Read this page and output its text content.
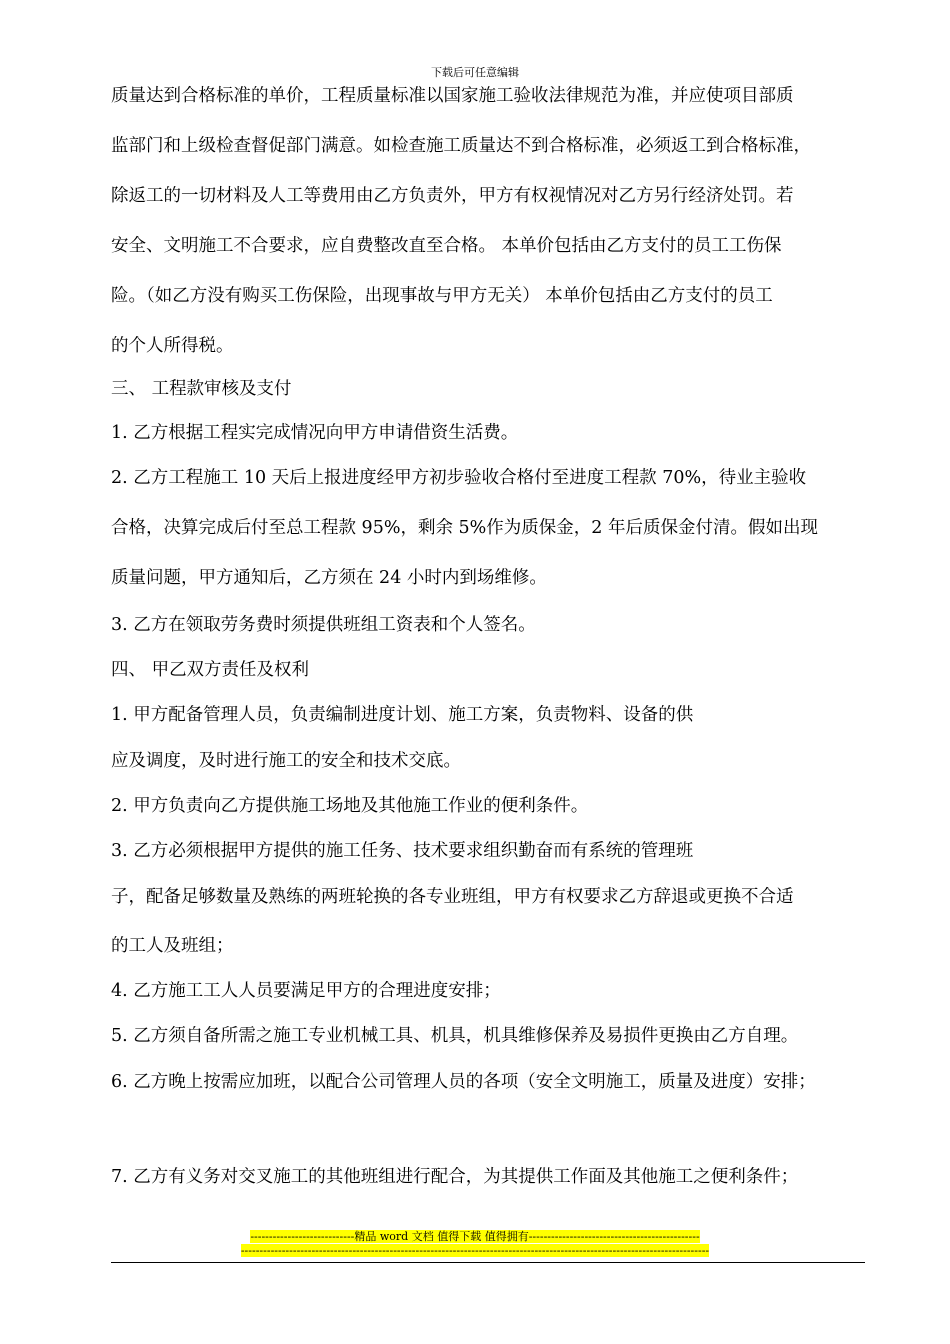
下载后可任意编辑
质量达到合格标准的单价，工程质量标准以国家施工验收法律规范为准，并应使项目部质
监部门和上级检查督促部门满意。如检查施工质量达不到合格标准，必须返工到合格标准，
除返工的一切材料及人工等费用由乙方负责外，甲方有权视情况对乙方另行经济处罚。若
安全、文明施工不合要求，应自费整改直至合格。 本单价包括由乙方支付的员工工伤保
险。（如乙方没有购买工伤保险，出现事故与甲方无关） 本单价包括由乙方支付的员工
的个人所得税。
三、 工程款审核及支付
1. 乙方根据工程实完成情况向甲方申请借资生活费。
2. 乙方工程施工 10 天后上报进度经甲方初步验收合格付至进度工程款 70%，待业主验收
合格，决算完成后付至总工程款 95%，剩余 5%作为质保金，2 年后质保金付清。假如出现
质量问题，甲方通知后，乙方须在 24 小时内到场维修。
3. 乙方在领取劳务费时须提供班组工资表和个人签名。
四、 甲乙双方责任及权利
1. 甲方配备管理人员，负责编制进度计划、施工方案，负责物料、设备的供
应及调度，及时进行施工的安全和技术交底。
2. 甲方负责向乙方提供施工场地及其他施工作业的便利条件。
3. 乙方必须根据甲方提供的施工任务、技术要求组织勤奋而有系统的管理班
子，配备足够数量及熟练的两班轮换的各专业班组，甲方有权要求乙方辞退或更换不合适
的工人及班组；
4. 乙方施工工人人员要满足甲方的合理进度安排；
5. 乙方须自备所需之施工专业机械工具、机具，机具维修保养及易损件更换由乙方自理。
6. 乙方晚上按需应加班，以配合公司管理人员的各项（安全文明施工，质量及进度）安排；
7. 乙方有义务对交叉施工的其他班组进行配合，为其提供工作面及其他施工之便利条件；
----------------------------精品 word 文档 值得下载 值得拥有----------------------------------------------
------------------------------------------------------------------------------------------------------------------------------
